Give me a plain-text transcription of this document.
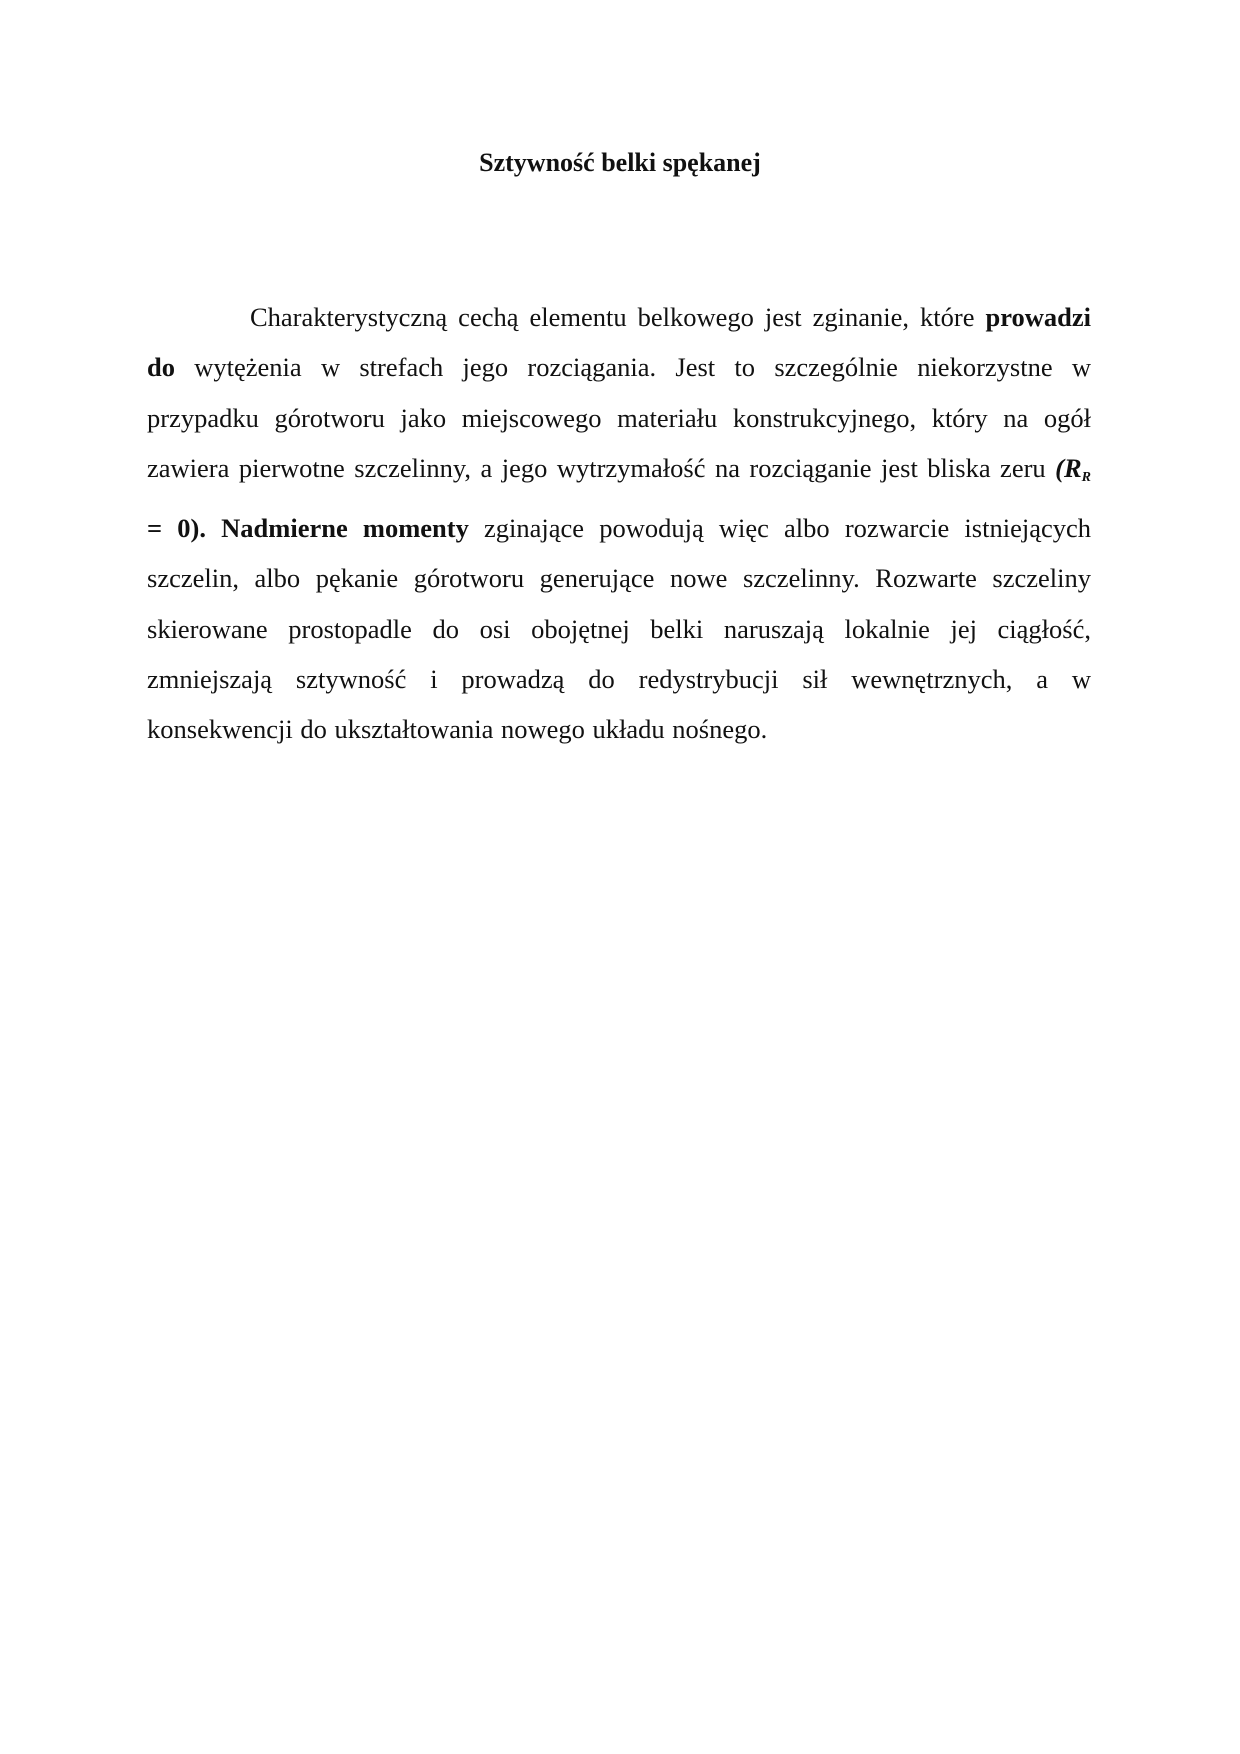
Sztywność belki spękanej

Charakterystyczną cechą elementu belkowego jest zginanie, które prowadzi do wytężenia w strefach jego rozciągania. Jest to szczególnie niekorzystne w przypadku górotworu jako miejscowego materiału konstrukcyjnego, który na ogół zawiera pierwotne szczelinny, a jego wytrzymałość na rozciąganie jest bliska zeru $(R_R = 0)$. Nadmierne momenty zginające powodują więc albo rozwarcie istniejących szczelin, albo pękanie górotworu generujące nowe szczelinny. Rozwarte szczeliny skierowane prostopadle do osi obojętnej belki naruszają lokalnie jej ciągłość, zmniejszają sztywność i prowadzą do redystrybucji sił wewnętrznych, a w konsekwencji do ukształtowania nowego układu nośnego.
